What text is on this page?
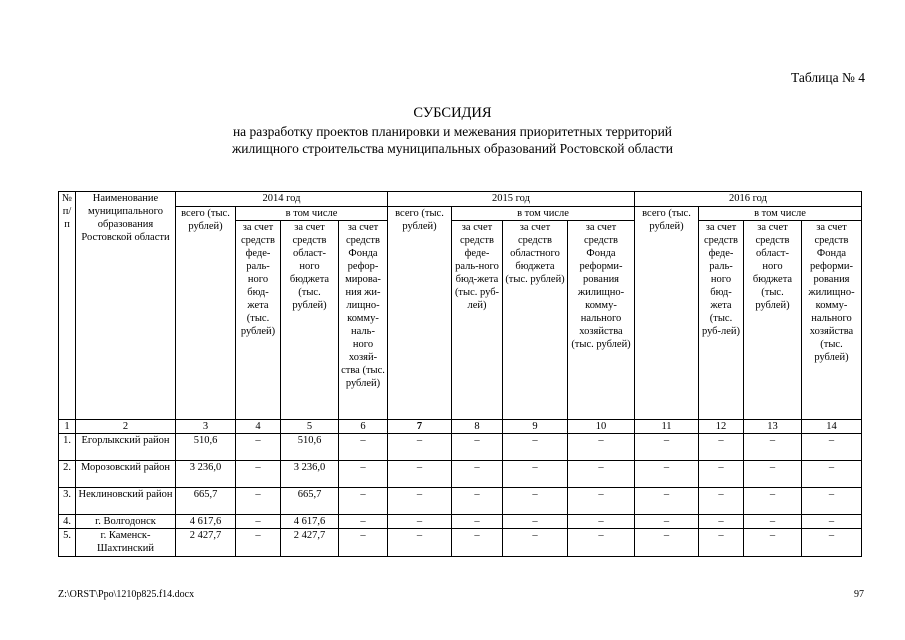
Таблица № 4
СУБСИДИЯ
на разработку проектов планировки и межевания приоритетных территорий
жилищного строительства муниципальных образований Ростовской области
№ п/п	Наименование муниципального образования Ростовской области	2014 год				2015 год				2016 год			
		всего (тыс. рублей)	в том числе			всего (тыс. рублей)	в том числе			всего (тыс. рублей)	в том числе		
			за счет средств феде-раль-ного бюд-жета (тыс. рублей)	за счет средств област-ного бюджета (тыс. рублей)	за счет средств Фонда рефор-мирова-ния жи-лищно-комму-наль-ного хозяй-ства (тыс. рублей)		за счет средств феде-раль-ного бюд-жета (тыс. руб-лей)	за счет средств областного бюджета (тыс. рублей)	за счет средств Фонда реформи-рования жилищно-комму-нального хозяйства (тыс. рублей)		за счет средств феде-раль-ного бюд-жета (тыс. руб-лей)	за счет средств област-ного бюджета (тыс. рублей)	за счет средств Фонда реформи-рования жилищно-комму-нального хозяйства (тыс. рублей)
1	2	3	4	5	6	7	8	9	10	11	12	13	14
1.	Егорлыкский район	510,6	–	510,6	–	–	–	–	–	–	–	–	–
2.	Морозовский район	3 236,0	–	3 236,0	–	–	–	–	–	–	–	–	–
3.	Неклиновский район	665,7	–	665,7	–	–	–	–	–	–	–	–	–
4.	г. Волгодонск	4 617,6	–	4 617,6	–	–	–	–	–	–	–	–	–
5.	г. Каменск-Шахтинский	2 427,7	–	2 427,7	–	–	–	–	–	–	–	–	–
Z:\ORST\Ppo\1210p825.f14.docx	97
